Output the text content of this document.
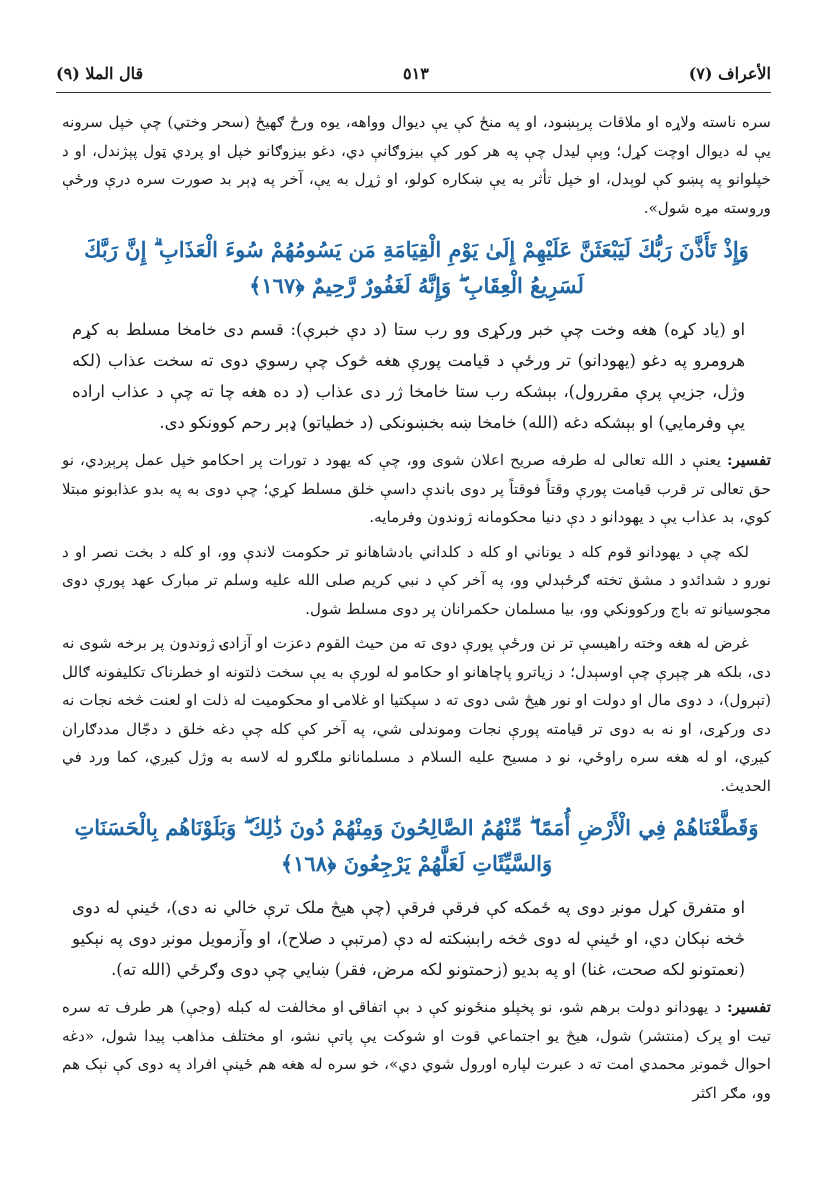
الأعراف (٧)
٥١٣
قال الملا (٩)

سره ناسته ولاړه او ملاقات پرېښود، او په منځ کې یې دیوال وواهه، یوه ورځ ګهیځ (سحر وختي) چې خپل سرونه یې له دیوال اوچت کړل؛ وېې لیدل چې په هر کور کې بیزوګانې دي، دغو بیزوګانو خپل او پردي ټول پېژندل، او د خپلوانو په پښو کې لوېدل، او خپل تأثر به یې ښکاره کولو، او ژړل به یې، آخر په ډېر بد صورت سره درې ورځې وروسته مړه شول».

وَإِذْ تَأَذَّنَ رَبُّكَ لَيَبْعَثَنَّ عَلَيْهِمْ إِلَىٰ يَوْمِ الْقِيَامَةِ مَن يَسُومُهُمْ سُوءَ الْعَذَابِ ۗ إِنَّ رَبَّكَ لَسَرِيعُ الْعِقَابِ ۖ وَإِنَّهُ لَغَفُورٌ رَّحِيمٌ ﴿١٦٧﴾

او (یاد کړه) هغه وخت چې خبر ورکړی وو رب ستا (د دې خبرې): قسم دی خامخا مسلط به کړم هرومرو په دغو (یهودانو) تر ورځې د قیامت پورې هغه څوک چې رسوي دوی ته سخت عذاب (لکه وژل، جزیې پرې مقررول)، بېشکه رب ستا خامخا ژر دی عذاب (د ده هغه چا ته چې د عذاب اراده یې وفرمایي) او بېشکه دغه (الله) خامخا ښه بخښونکی (د خطیاتو) ډېر رحم کوونکو دی.

تفسیر: یعنې د الله تعالی له طرفه صریح اعلان شوی وو، چې که یهود د تورات پر احکامو خپل عمل پرېږدي، نو حق تعالی تر قرب قیامت پورې وقتاً فوقتاً پر دوی باندې داسې خلق مسلط کړي؛ چې دوی به په بدو عذابونو مبتلا کوي، بد عذاب یې د یهودانو د دې دنیا محکومانه ژوندون وفرمایه.

لکه چې د یهودانو قوم کله د یوناني او کله د کلداني بادشاهانو تر حکومت لاندې وو، او کله د بخت نصر او د نورو د شدائدو د مشق تخته ګرځېدلي وو، په آخر کې د نبي کریم صلی الله علیه وسلم تر مبارک عهد پورې دوی مجوسیانو ته باج ورکوونکي وو، بیا مسلمان حکمرانان پر دوی مسلط شول.

غرض له هغه وخته راهیسې تر نن ورځې پورې دوی ته من حیث القوم دعزت او آزادۍ ژوندون پر برخه شوی نه دی، بلکه هر چېرې چې اوسېدل؛ د زیاترو پاچاهانو او حکامو له لورې به یې سخت ذلتونه او خطرناک تکلیفونه ګالل (تېرول)، د دوی مال او دولت او نور هیڅ شی دوی ته د سپکتیا او غلامۍ او محکومیت له ذلت او لعنت څخه نجات نه دی ورکړی، او نه به دوی تر قیامته پورې نجات وموندلی شي، په آخر کې کله چې دغه خلق د دجّال مددګاران کیږي، او له هغه سره راوځي، نو د مسیح علیه السلام د مسلمانانو ملګرو له لاسه به وژل کیږي، کما ورد في الحدیث.

وَقَطَّعْنَاهُمْ فِي الْأَرْضِ أُمَمًا ۖ مِّنْهُمُ الصَّالِحُونَ وَمِنْهُمْ دُونَ ذَٰلِكَ ۖ وَبَلَوْنَاهُم بِالْحَسَنَاتِ وَالسَّيِّئَاتِ لَعَلَّهُمْ يَرْجِعُونَ ﴿١٦٨﴾

او متفرق کړل مونږ دوی په ځمکه کې فرقې فرقې (چې هیڅ ملک ترې خالي نه دی)، ځینې له دوی څخه نېکان دي، او ځینې له دوی څخه رابښکته له دې (مرتبې د صلاح)، او وآزمویل مونږ دوی په نېکیو (نعمتونو لکه صحت، غنا) او په بدیو (زحمتونو لکه مرض، فقر) ښایي چې دوی وګرځي (الله ته).

تفسیر: د یهودانو دولت برهم شو، نو پخپلو منځونو کې د بې اتفاقۍ او مخالفت له کبله (وجې) هر طرف ته سره تیت او پرک (منتشر) شول، هیڅ یو اجتماعي قوت او شوکت یې پاتې نشو، او مختلف مذاهب پیدا شول، «دغه احوال څمونږ محمدي امت ته د عبرت لپاره اورول شوي دي»، خو سره له هغه هم ځینې افراد په دوی کې نېک هم وو، مګر اکثر
